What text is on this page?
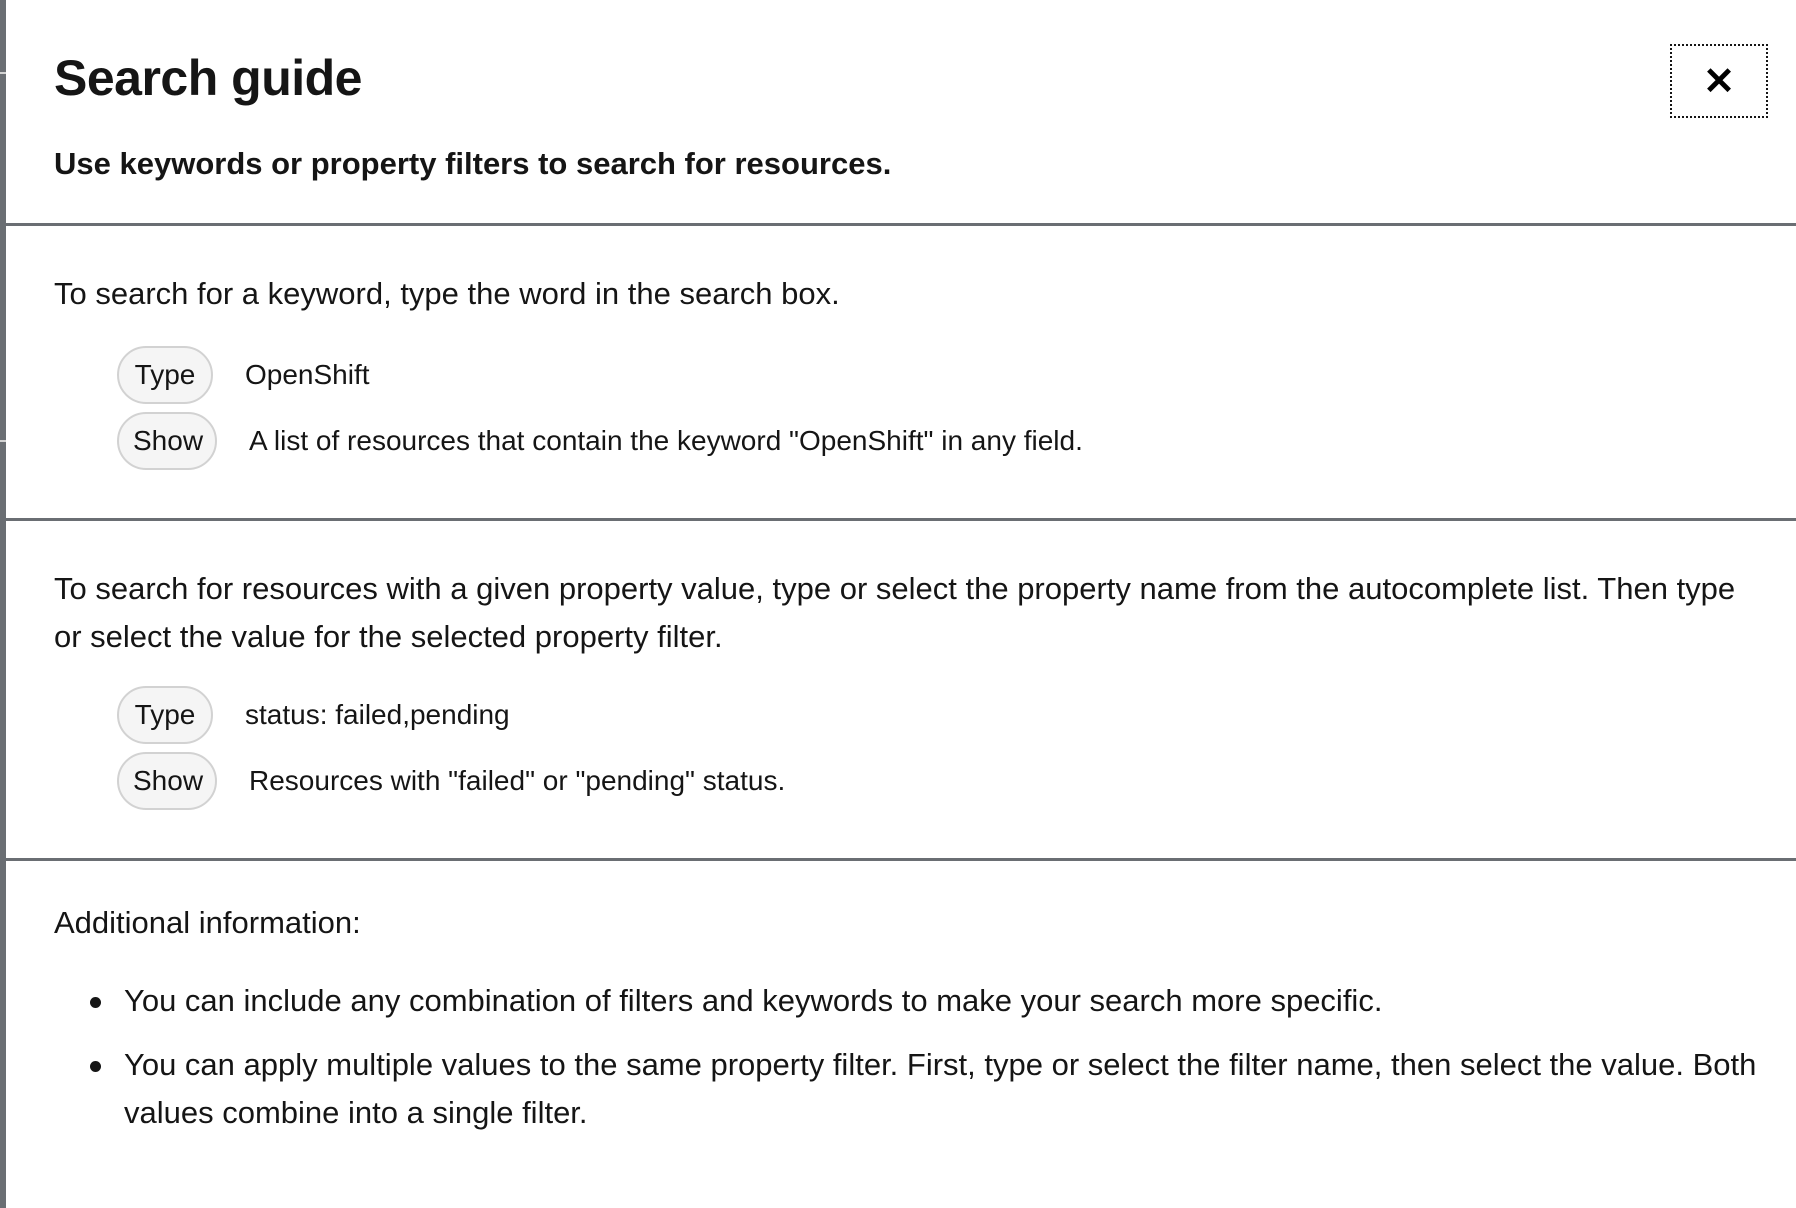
Search guide

Use keywords or property filters to search for resources.

✕

To search for a keyword, type the word in the search box.

Type	OpenShift
Show	A list of resources that contain the keyword "OpenShift" in any field.

To search for resources with a given property value, type or select the property name from the autocomplete list. Then type or select the value for the selected property filter.

Type	status: failed,pending
Show	Resources with "failed" or "pending" status.

Additional information:

You can include any combination of filters and keywords to make your search more specific.
You can apply multiple values to the same property filter. First, type or select the filter name, then select the value. Both values combine into a single filter.
